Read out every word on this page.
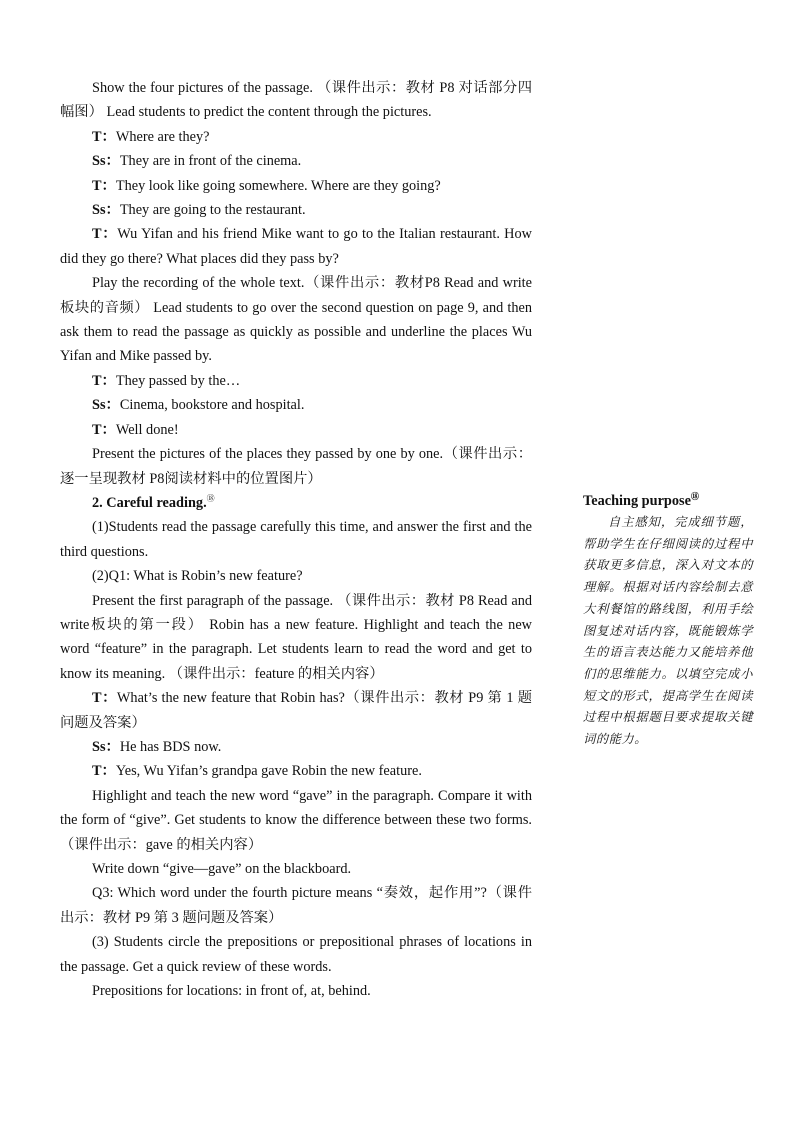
Show the four pictures of the passage. （课件出示：教材 P8 对话部分四幅图） Lead students to predict the content through the pictures.

T：Where are they?

Ss：They are in front of the cinema.

T：They look like going somewhere. Where are they going?

Ss：They are going to the restaurant.

T：Wu Yifan and his friend Mike want to go to the Italian restaurant. How did they go there? What places did they pass by?

Play the recording of the whole text.（课件出示：教材P8 Read and write 板块的音频） Lead students to go over the second question on page 9, and then ask them to read the passage as quickly as possible and underline the places Wu Yifan and Mike passed by.

T：They passed by the…

Ss：Cinema, bookstore and hospital.

T：Well done!

Present the pictures of the places they passed by one by one.（课件出示：逐一呈现教材 P8阅读材料中的位置图片）

2. Careful reading.⑱

(1)Students read the passage carefully this time, and answer the first and the third questions.

(2)Q1: What is Robin’s new feature?

Present the first paragraph of the passage. （课件出示：教材 P8 Read and write板块的第一段） Robin has a new feature. Highlight and teach the new word “feature” in the paragraph. Let students learn to read the word and get to know its meaning. （课件出示：feature 的相关内容）

T：What’s the new feature that Robin has?（课件出示：教材 P9 第 1 题问题及答案）

Ss：He has BDS now.

T：Yes, Wu Yifan’s grandpa gave Robin the new feature.

Highlight and teach the new word “gave” in the paragraph. Compare it with the form of “give”. Get students to know the difference between these two forms. （课件出示：gave 的相关内容）

Write down “give—gave” on the blackboard.

Q3: Which word under the fourth picture means “奏效，起作用”?（课件出示：教材 P9 第 3 题问题及答案）

(3) Students circle the prepositions or prepositional phrases of locations in the passage. Get a quick review of these words.

Prepositions for locations: in front of, at, behind.

Teaching purpose⑱

自主感知，完成细节题，帮助学生在仔细阅读的过程中获取更多信息，深入对文本的理解。根据对话内容绘制去意大利餐馆的路线图，利用手绘图复述对话内容，既能锻炼学生的语言表达能力又能培养他们的思维能力。以填空完成小短文的形式，提高学生在阅读过程中根据题目要求提取关键词的能力。
